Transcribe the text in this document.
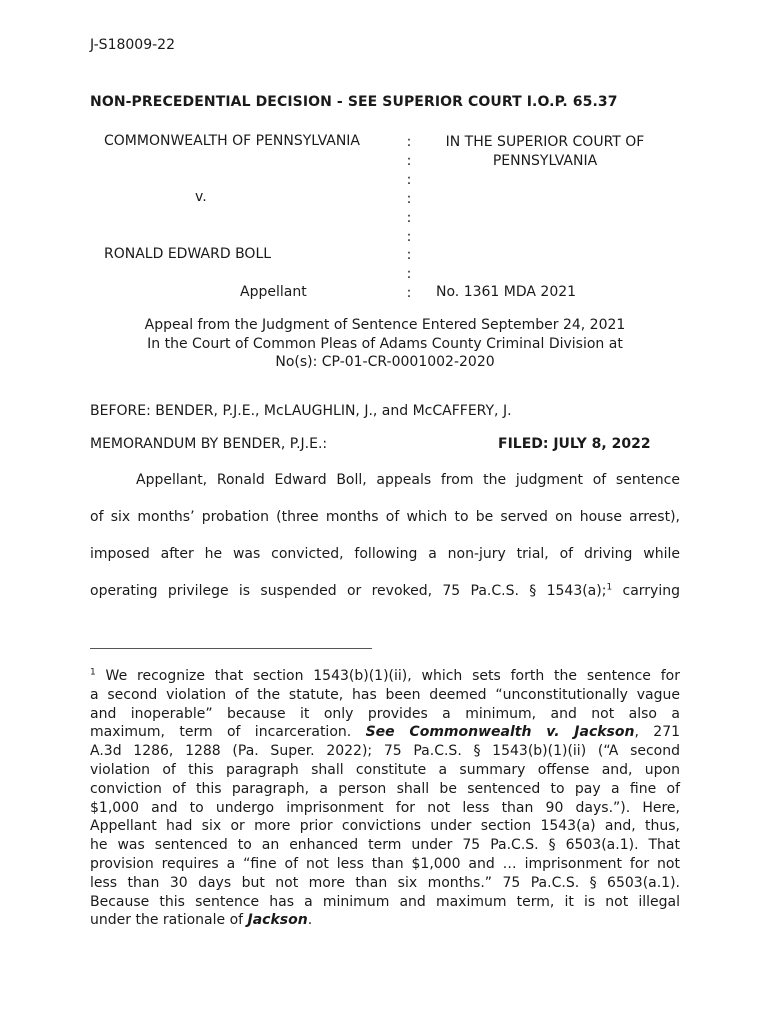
J-S18009-22
NON-PRECEDENTIAL DECISION - SEE SUPERIOR COURT I.O.P. 65.37
COMMONWEALTH OF PENNSYLVANIA
v.
RONALD EDWARD BOLL
Appellant
:
:
:
:
:
:
:
:
:
IN THE SUPERIOR COURT OF
PENNSYLVANIA
No. 1361 MDA 2021
Appeal from the Judgment of Sentence Entered September 24, 2021
In the Court of Common Pleas of Adams County Criminal Division at
No(s): CP-01-CR-0001002-2020
BEFORE: BENDER, P.J.E., McLAUGHLIN, J., and McCAFFERY, J.
MEMORANDUM BY BENDER, P.J.E.:	FILED: JULY 8, 2022
Appellant, Ronald Edward Boll, appeals from the judgment of sentence
of six months’ probation (three months of which to be served on house arrest),
imposed after he was convicted, following a non-jury trial, of driving while
operating privilege is suspended or revoked, 75 Pa.C.S. § 1543(a);$^1$ carrying
$^1$ We recognize that section 1543(b)(1)(ii), which sets forth the sentence for
a second violation of the statute, has been deemed “unconstitutionally vague
and inoperable” because it only provides a minimum, and not also a
maximum, term of incarceration. See Commonwealth v. Jackson, 271
A.3d 1286, 1288 (Pa. Super. 2022); 75 Pa.C.S. § 1543(b)(1)(ii) (“A second
violation of this paragraph shall constitute a summary offense and, upon
conviction of this paragraph, a person shall be sentenced to pay a fine of
$1,000 and to undergo imprisonment for not less than 90 days.”). Here,
Appellant had six or more prior convictions under section 1543(a) and, thus,
he was sentenced to an enhanced term under 75 Pa.C.S. § 6503(a.1). That
provision requires a “fine of not less than $1,000 and … imprisonment for not
less than 30 days but not more than six months.” 75 Pa.C.S. § 6503(a.1).
Because this sentence has a minimum and maximum term, it is not illegal
under the rationale of Jackson.
